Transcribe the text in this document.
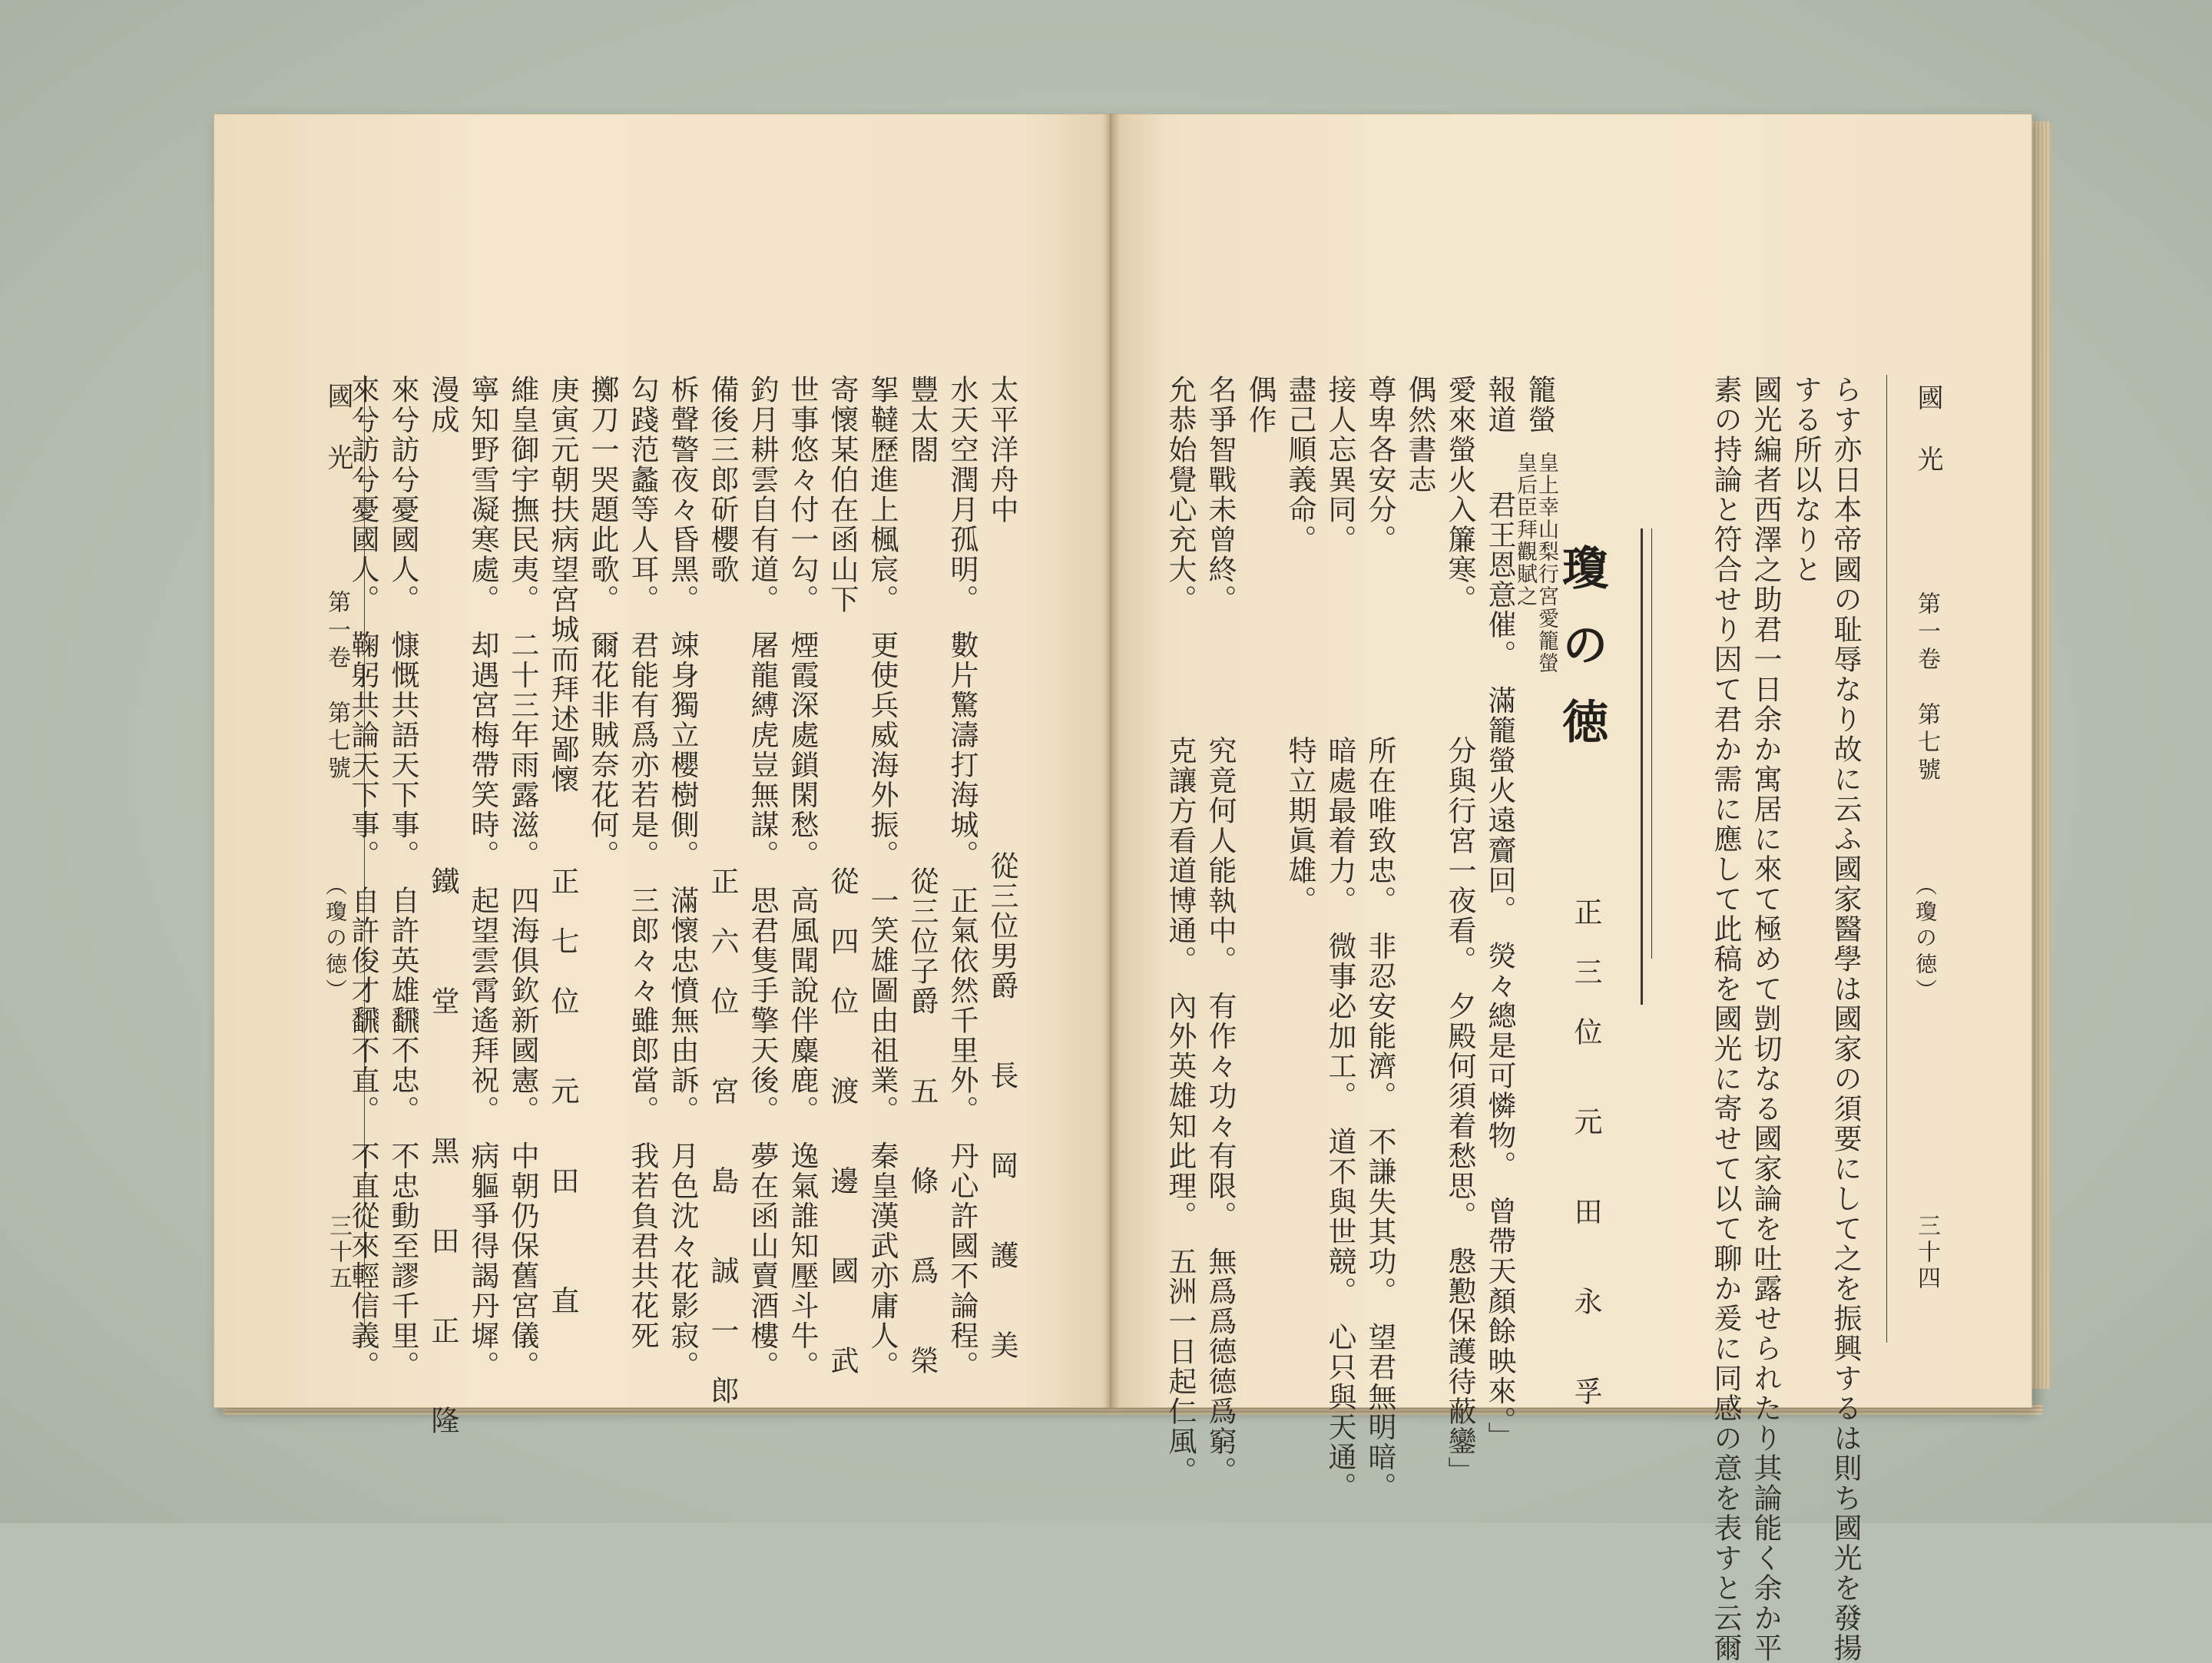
國　光
第一卷　第七號
（瓊の徳）
三十五
太平洋舟中
從三位男爵　　長　　岡　　護　　美
水天空潤月孤明。　數片驚濤打海城。　正氣依然千里外。　丹心許國不論程。
豐太閤
從三位子爵　　五　　條　　爲　　榮
挐韃歷進上楓宸。　更使兵威海外振。　一笑雄圖由祖業。　秦皇漢武亦庸人。
寄懷某伯在函山下
從　四　位　　渡　　邊　　國　　武
世事悠々付一勾。　煙霞深處鎖閑愁。　高風聞說伴麋鹿。　逸氣誰知壓斗牛。
釣月耕雲自有道。　屠龍縛虎豈無謀。　思君隻手擎天後。　夢在函山賣酒樓。
備後三郎斫櫻歌
正　六　位　　宮　　島　　誠　一　郎
柝聲警夜々昏黑。　竦身獨立櫻樹側。　滿懷忠憤無由訴。　月色沈々花影寂。
勾踐范蠡等人耳。　君能有爲亦若是。　三郎々々雖郎當。　我若負君共花死
擲刀一哭題此歌。　爾花非賊奈花何。
庚寅元朝扶病望宮城而拜述鄙懷
正　七　位　　元　　田　　　直
維皇御宇撫民夷。　二十三年雨露滋。　四海俱欽新國憲。　中朝仍保舊宮儀。
寧知野雪凝寒處。　却遇宮梅帶笑時。　起望雲霄遙拜祝。　病軀爭得謁丹墀。
漫成
鐵　　　堂　　　　黑　　田　　正　　隆
來兮訪兮憂國人。　慷慨共語天下事。　自許英雄飜不忠。　不忠動至謬千里。
來兮訪兮憂國人。　鞠躬共論天下事。　自許俊才飜不直。　不直從來輕信義。	國　光
第一卷　第七號
（瓊の徳）
三十四
らす亦日本帝國の耻辱なり故に云ふ國家醫學は國家の須要にして之を振興するは則ち國光を發揚
する所以なりと
國光編者西澤之助君一日余か寓居に來て極めて剴切なる國家論を吐露せられたり其論能く余か平
素の持論と符合せり因て君か需に應して此稿を國光に寄せて以て聊か爰に同感の意を表すと云爾
正　三　位　　元　　田　　永　　孚
籠螢
皇上幸山梨行宮愛籠螢
皇后臣拜觀賦之
報道
君王恩意催。　滿籠螢火遠齎回。　熒々總是可憐物。　曾帶天顏餘映來。」
愛來螢火入簾寒。
分與行宮一夜看。　夕殿何須着愁思。　慇懃保護待蔽鑾」
偶然書志
尊卑各安分。
所在唯致忠。　非忍安能濟。　不謙失其功。　望君無明暗。
接人忘異同。
暗處最着力。　微事必加工。　道不與世競。　心只與天通。
盡己順義命。
特立期眞雄。
偶作
名爭智戰未曾終。
究竟何人能執中。　有作々功々有限。　無爲爲德德爲窮。
允恭始覺心充大。
克讓方看道博通。　內外英雄知此理。　五洲一日起仁風。
瓊の徳
